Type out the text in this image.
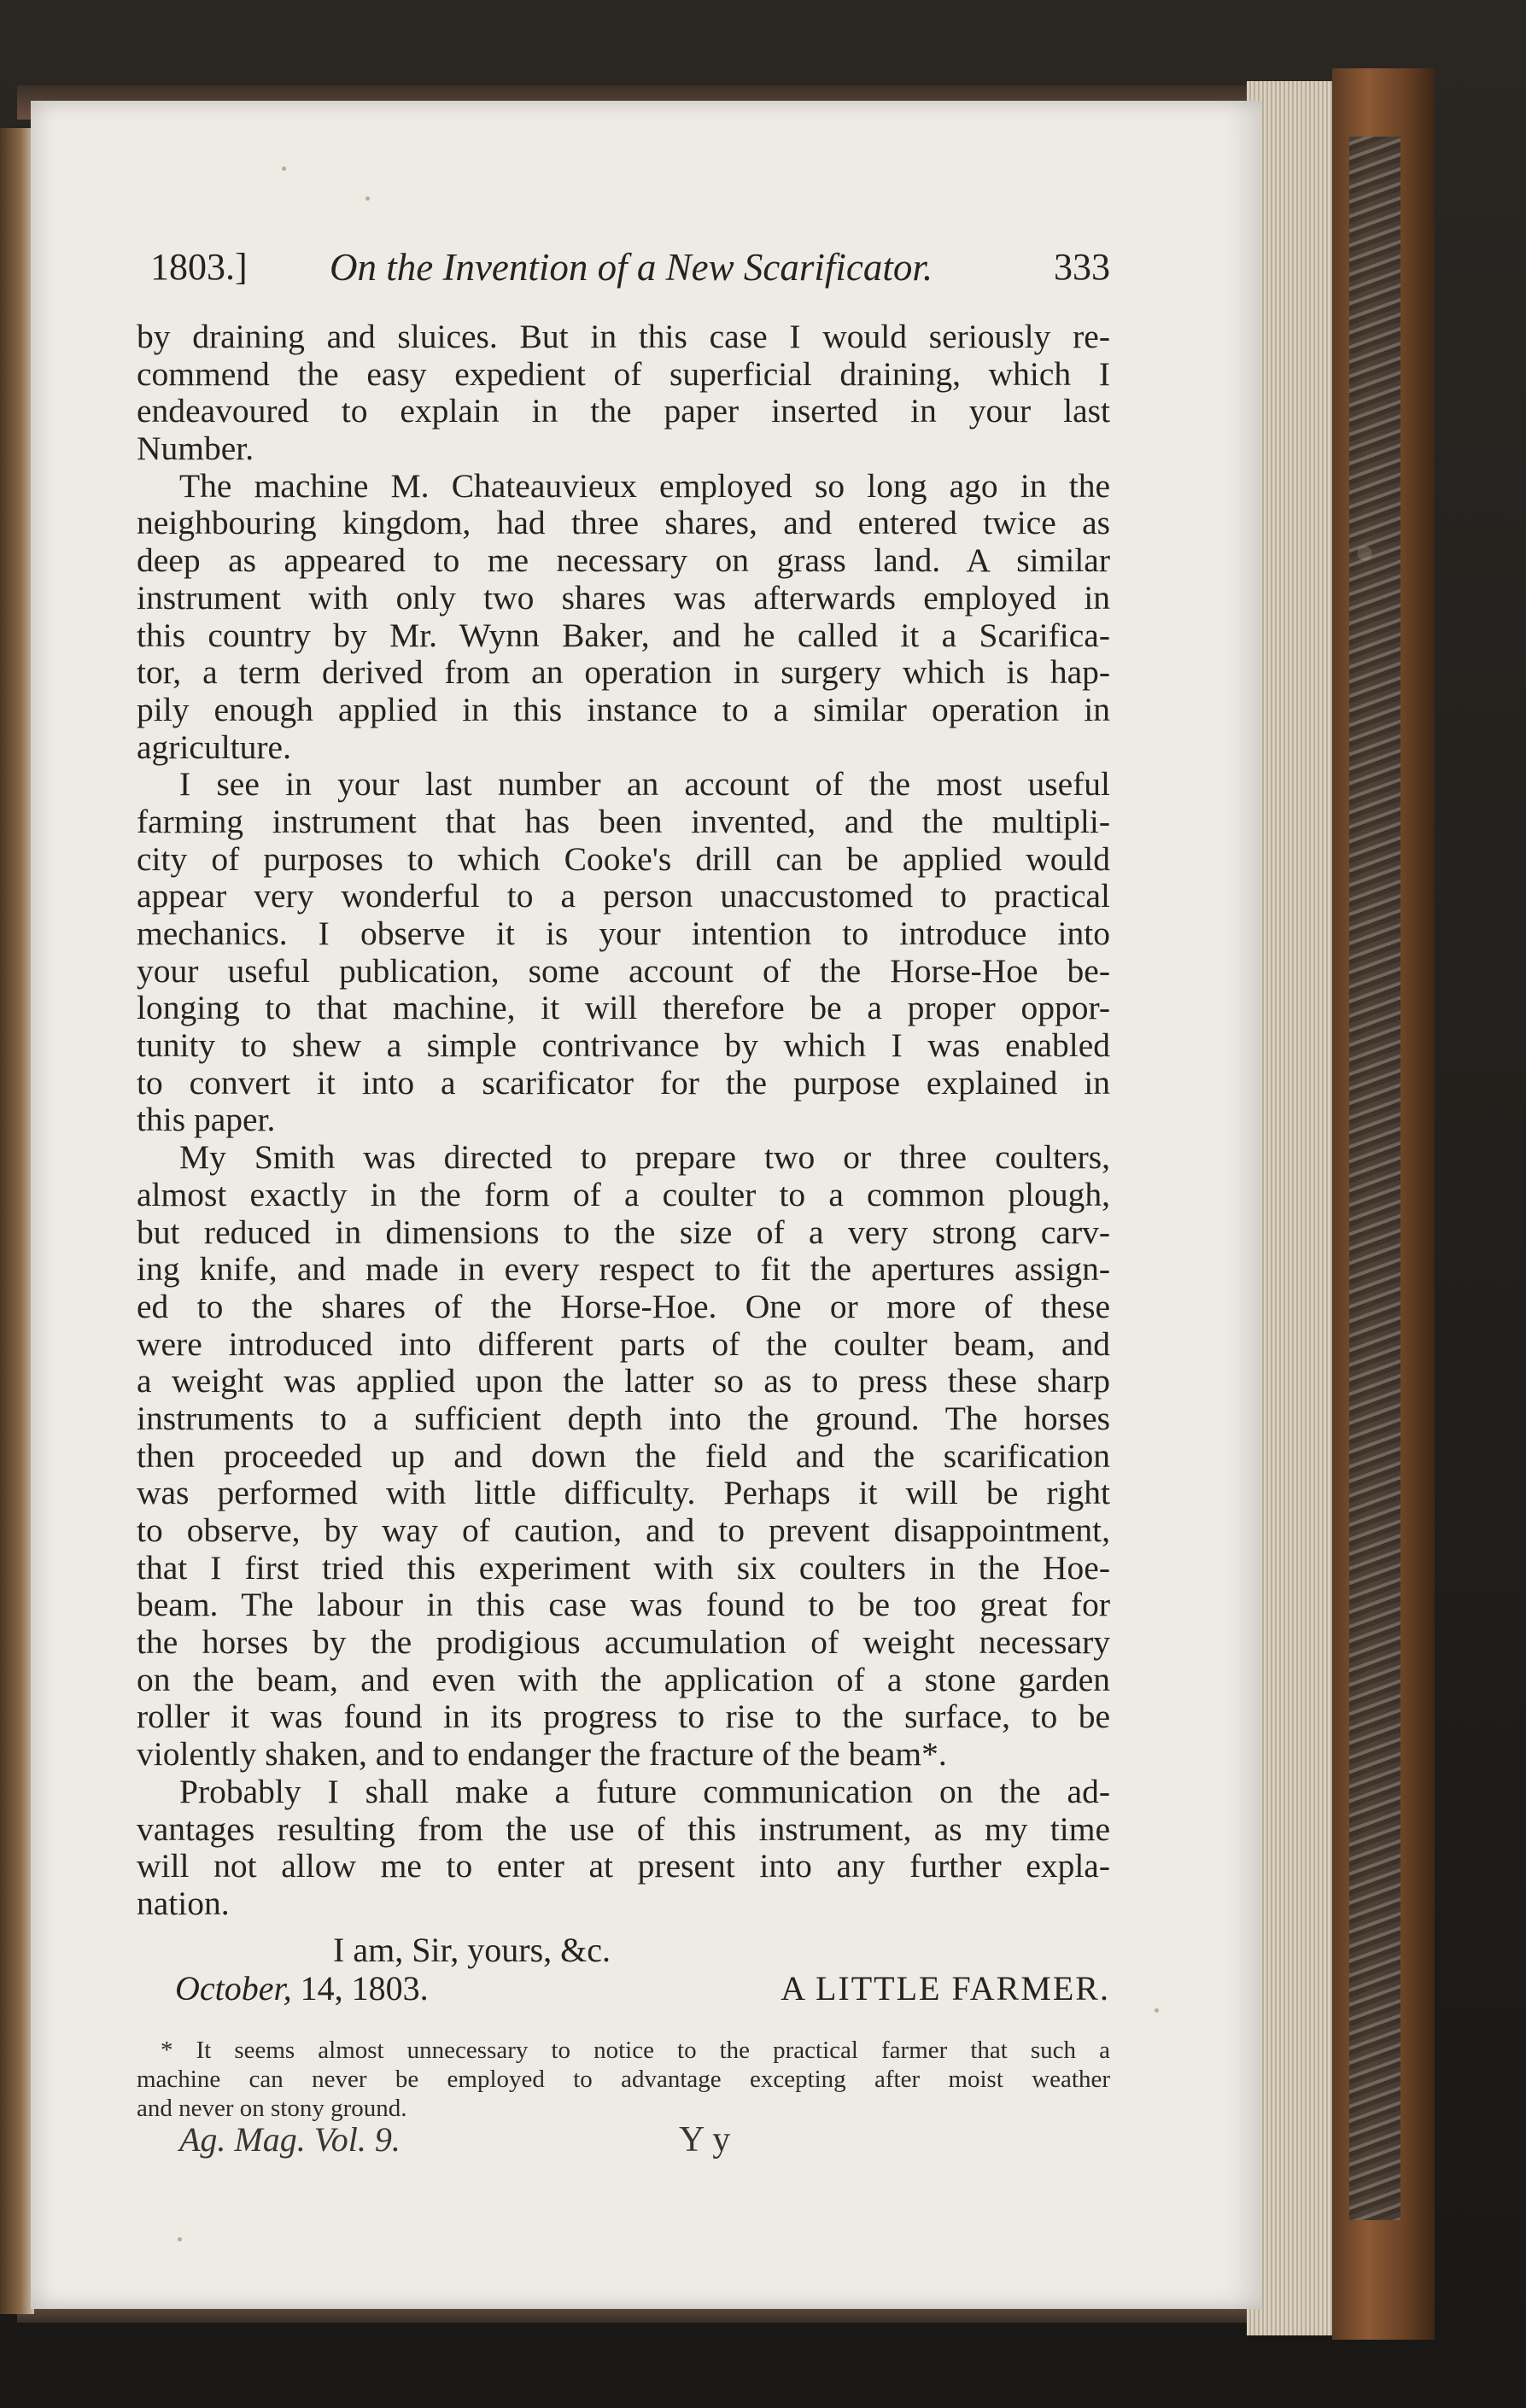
1803.] On the Invention of a New Scarificator.	333
by draining and sluices. But in this case I would seriously re-
commend the easy expedient of superficial draining, which I
endeavoured to explain in the paper inserted in your last
Number.
The machine M. Chateauvieux employed so long ago in the
neighbouring kingdom, had three shares, and entered twice as
deep as appeared to me necessary on grass land. A similar
instrument with only two shares was afterwards employed in
this country by Mr. Wynn Baker, and he called it a Scarifica-
tor, a term derived from an operation in surgery which is hap-
pily enough applied in this instance to a similar operation in
agriculture.
I see in your last number an account of the most useful
farming instrument that has been invented, and the multipli-
city of purposes to which Cooke's drill can be applied would
appear very wonderful to a person unaccustomed to practical
mechanics. I observe it is your intention to introduce into
your useful publication, some account of the Horse-Hoe be-
longing to that machine, it will therefore be a proper oppor-
tunity to shew a simple contrivance by which I was enabled
to convert it into a scarificator for the purpose explained in
this paper.
My Smith was directed to prepare two or three coulters,
almost exactly in the form of a coulter to a common plough,
but reduced in dimensions to the size of a very strong carv-
ing knife, and made in every respect to fit the apertures assign-
ed to the shares of the Horse-Hoe. One or more of these
were introduced into different parts of the coulter beam, and
a weight was applied upon the latter so as to press these sharp
instruments to a sufficient depth into the ground. The horses
then proceeded up and down the field and the scarification
was performed with little difficulty. Perhaps it will be right
to observe, by way of caution, and to prevent disappointment,
that I first tried this experiment with six coulters in the Hoe-
beam. The labour in this case was found to be too great for
the horses by the prodigious accumulation of weight necessary
on the beam, and even with the application of a stone garden
roller it was found in its progress to rise to the surface, to be
violently shaken, and to endanger the fracture of the beam*.
Probably I shall make a future communication on the ad-
vantages resulting from the use of this instrument, as my time
will not allow me to enter at present into any further expla-
nation.
I am, Sir, yours, &c.
October, 14, 1803.	A LITTLE FARMER.
* It seems almost unnecessary to notice to the practical farmer that such a
machine can never be employed to advantage excepting after moist weather
and never on stony ground.
Ag. Mag. Vol. 9.	Y y
